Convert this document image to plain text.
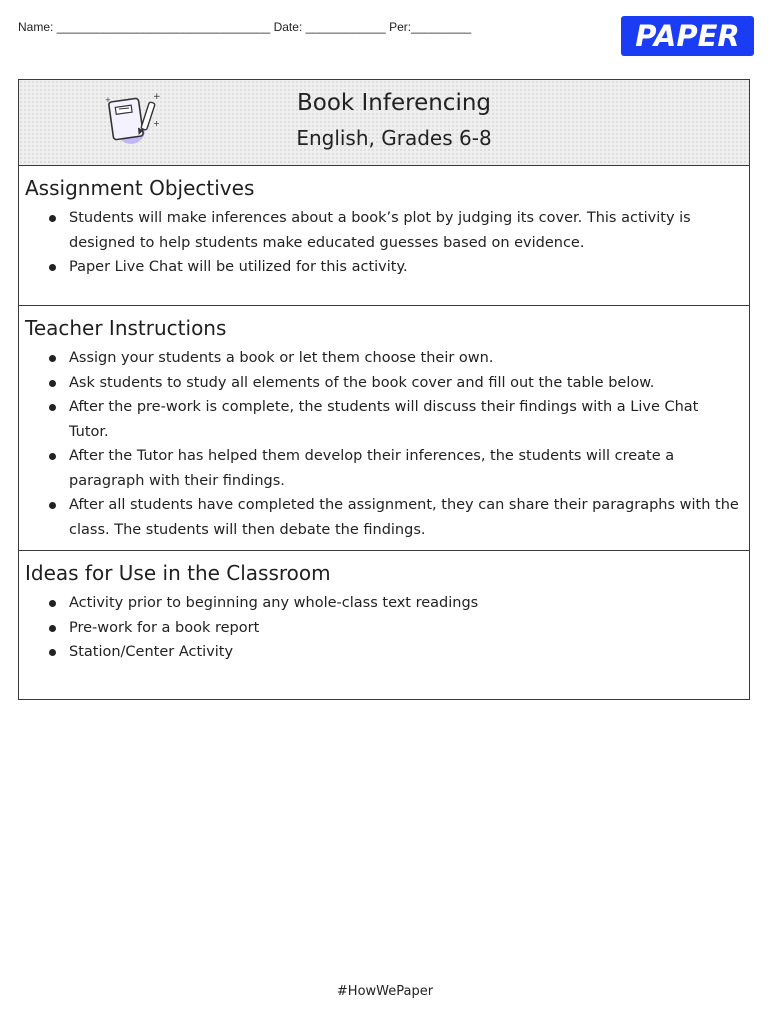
Name: ________________________________ Date: ____________ Per:_________	PAPER
+
+
+	Book Inferencing
English, Grades 6-8
Assignment Objectives
Students will make inferences about a book’s plot by judging its cover. This activity is designed to help students make educated guesses based on evidence.
Paper Live Chat will be utilized for this activity.
Teacher Instructions
Assign your students a book or let them choose their own.
Ask students to study all elements of the book cover and fill out the table below.
After the pre-work is complete, the students will discuss their findings with a Live Chat Tutor.
After the Tutor has helped them develop their inferences, the students will create a paragraph with their findings.
After all students have completed the assignment, they can share their paragraphs with the class. The students will then debate the findings.
Ideas for Use in the Classroom
Activity prior to beginning any whole-class text readings
Pre-work for a book report
Station/Center Activity
#HowWePaper
